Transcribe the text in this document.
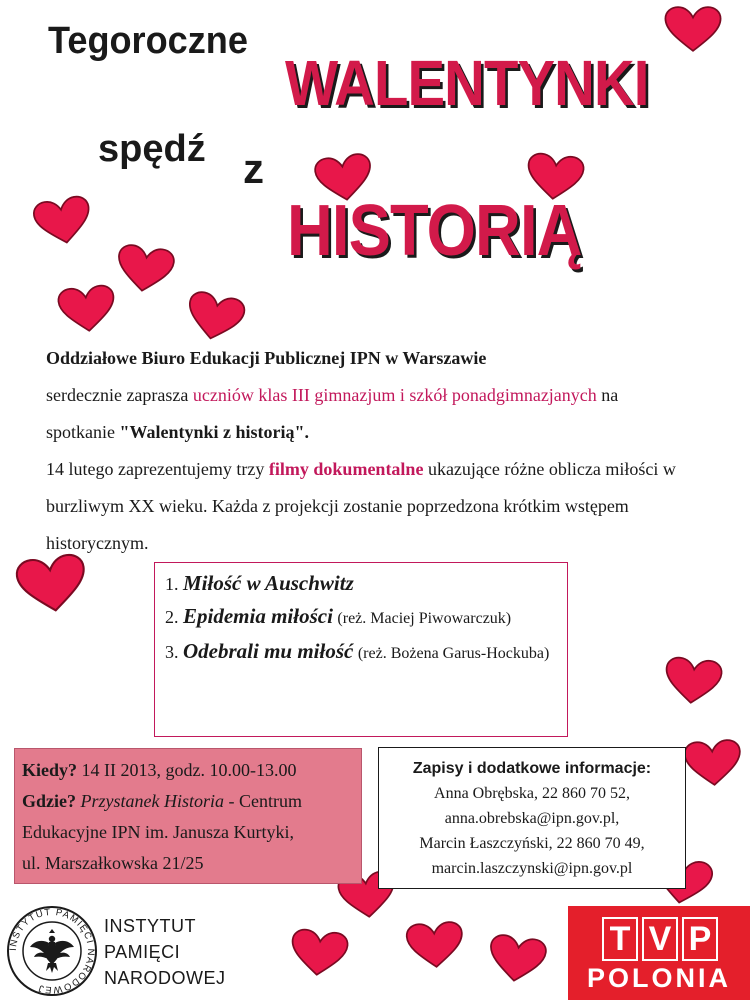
Tegoroczne
WALENTYNKI
spędź z
HISTORIĄ
Oddziałowe Biuro Edukacji Publicznej IPN w Warszawie
serdecznie zaprasza uczniów klas III gimnazjum i szkół ponadgimnazjanych na spotkanie "Walentynki z historią".
14 lutego zaprezentujemy trzy filmy dokumentalne ukazujące różne oblicza miłości w burzliwym XX wieku. Każda z projekcji zostanie poprzedzona krótkim wstępem historycznym.
1. Miłość w Auschwitz
2. Epidemia miłości (reż. Maciej Piwowarczuk)
3. Odebrali mu miłość (reż. Bożena Garus-Hockuba)
Kiedy? 14 II 2013, godz. 10.00-13.00
Gdzie? Przystanek Historia - Centrum Edukacyjne IPN im. Janusza Kurtyki,
ul. Marszałkowska 21/25
Zapisy i dodatkowe informacje:
Anna Obrębska, 22 860 70 52,
anna.obrebska@ipn.gov.pl,
Marcin Łaszczyński, 22 860 70 49,
marcin.laszczynski@ipn.gov.pl
INSTYTUT PAMIĘCI NARODOWEJ
INSTYTUT
PAMIĘCI
NARODOWEJ
T V P
POLONIA
